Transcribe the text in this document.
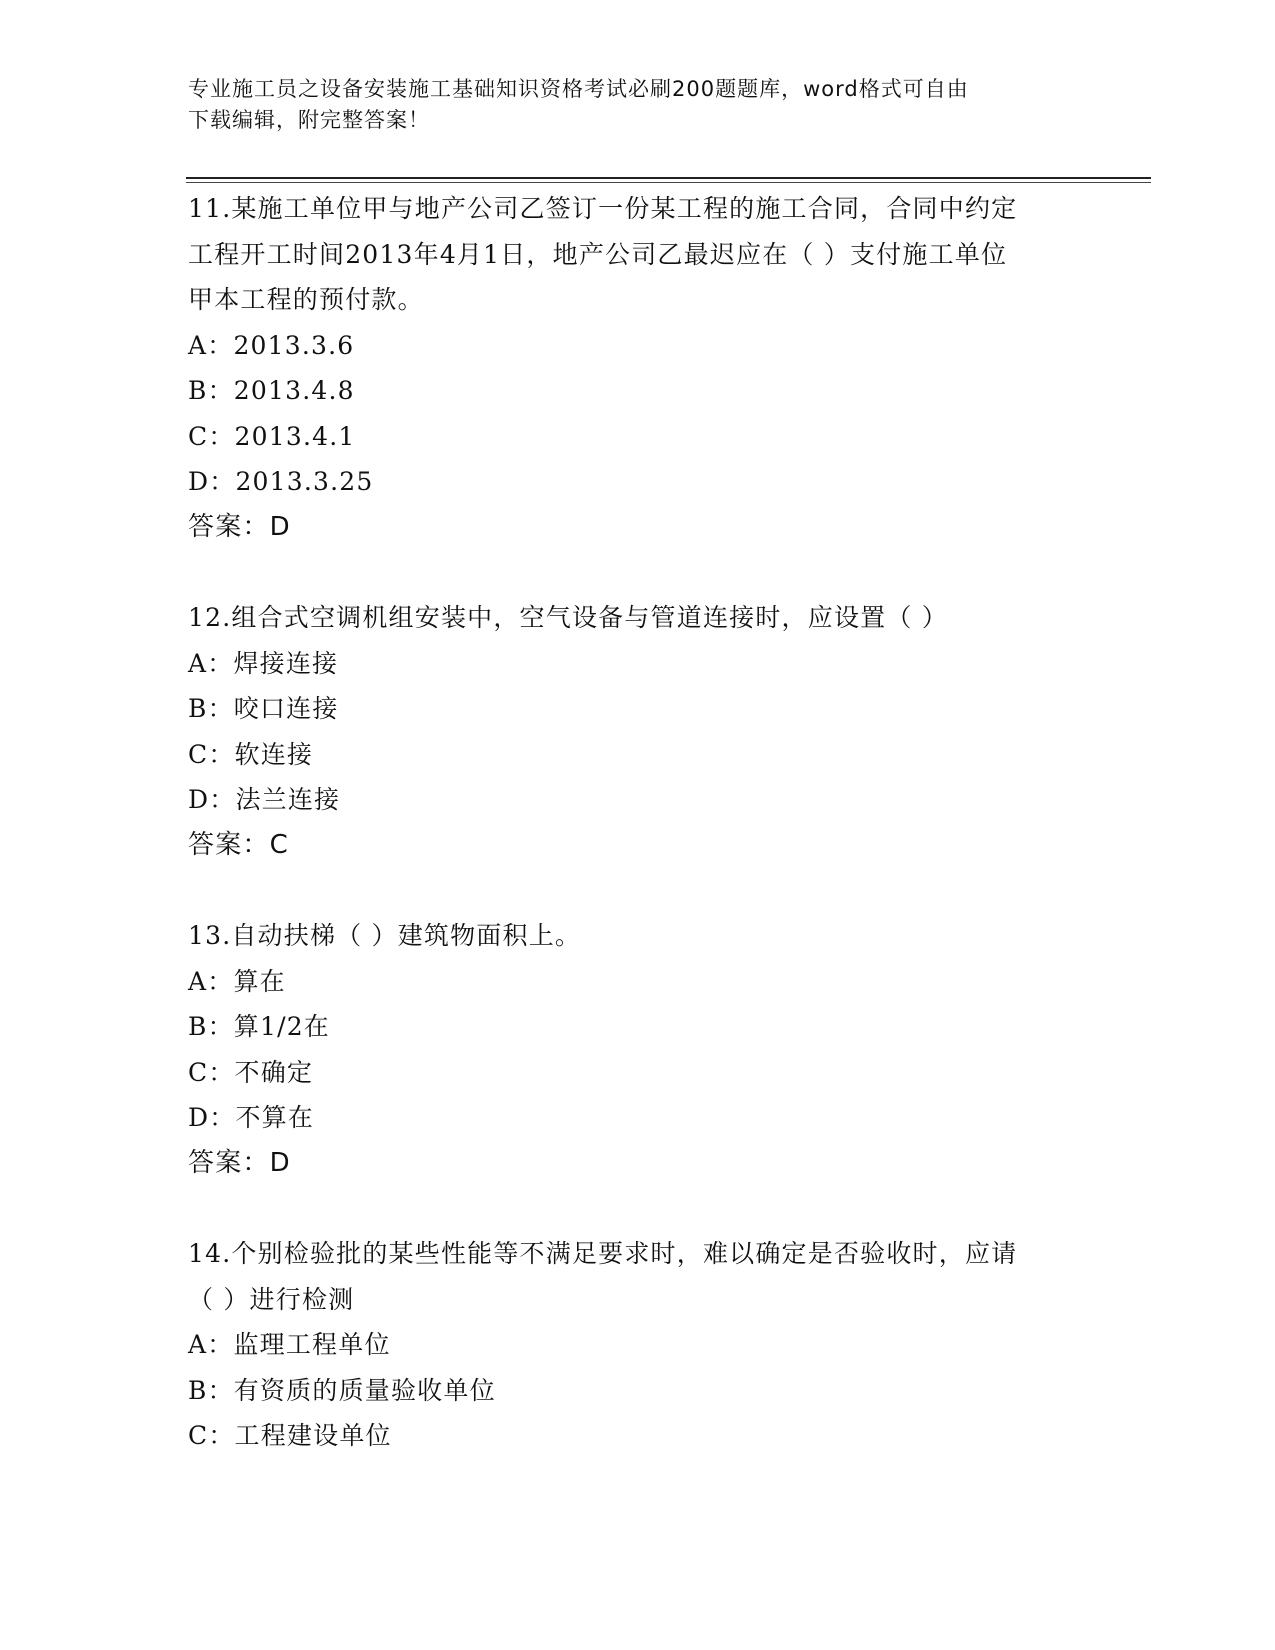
专业施工员之设备安装施工基础知识资格考试必刷200题题库，word格式可自由
下载编辑，附完整答案！

11.某施工单位甲与地产公司乙签订一份某工程的施工合同，合同中约定工程开工时间2013年4月1日，地产公司乙最迟应在（ ）支付施工单位甲本工程的预付款。

A：2013.3.6

B：2013.4.8

C：2013.4.1

D：2013.3.25

答案：D

12.组合式空调机组安装中，空气设备与管道连接时，应设置（ ）

A：焊接连接

B：咬口连接

C：软连接

D：法兰连接

答案：C

13.自动扶梯（ ）建筑物面积上。

A：算在

B：算1/2在

C：不确定

D：不算在

答案：D

14.个别检验批的某些性能等不满足要求时，难以确定是否验收时，应请（ ）进行检测

A：监理工程单位

B：有资质的质量验收单位

C：工程建设单位
